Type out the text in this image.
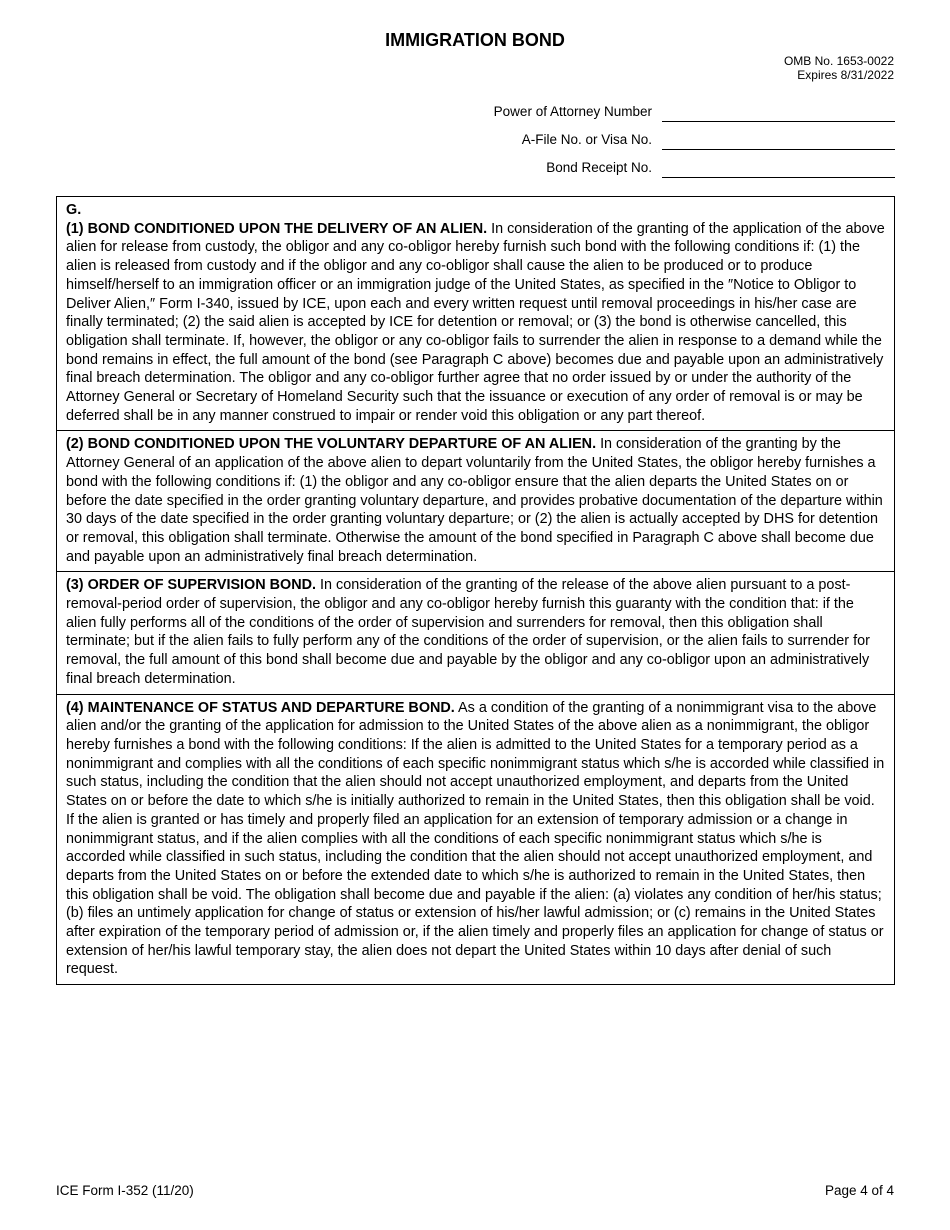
IMMIGRATION BOND
OMB No. 1653-0022
Expires 8/31/2022
Power of Attorney Number
A-File No. or Visa No.
Bond Receipt No.
G.
(1) BOND CONDITIONED UPON THE DELIVERY OF AN ALIEN. In consideration of the granting of the application of the above alien for release from custody, the obligor and any co-obligor hereby furnish such bond with the following conditions if: (1) the alien is released from custody and if the obligor and any co-obligor shall cause the alien to be produced or to produce himself/herself to an immigration officer or an immigration judge of the United States, as specified in the ″Notice to Obligor to Deliver Alien,″ Form I-340, issued by ICE, upon each and every written request until removal proceedings in his/her case are finally terminated; (2) the said alien is accepted by ICE for detention or removal; or (3) the bond is otherwise cancelled, this obligation shall terminate. If, however, the obligor or any co-obligor fails to surrender the alien in response to a demand while the bond remains in effect, the full amount of the bond (see Paragraph C above) becomes due and payable upon an administratively final breach determination. The obligor and any co-obligor further agree that no order issued by or under the authority of the Attorney General or Secretary of Homeland Security such that the issuance or execution of any order of removal is or may be deferred shall be in any manner construed to impair or render void this obligation or any part thereof.
(2) BOND CONDITIONED UPON THE VOLUNTARY DEPARTURE OF AN ALIEN. In consideration of the granting by the Attorney General of an application of the above alien to depart voluntarily from the United States, the obligor hereby furnishes a bond with the following conditions if: (1) the obligor and any co-obligor ensure that the alien departs the United States on or before the date specified in the order granting voluntary departure, and provides probative documentation of the departure within 30 days of the date specified in the order granting voluntary departure; or (2) the alien is actually accepted by DHS for detention or removal, this obligation shall terminate. Otherwise the amount of the bond specified in Paragraph C above shall become due and payable upon an administratively final breach determination.
(3) ORDER OF SUPERVISION BOND. In consideration of the granting of the release of the above alien pursuant to a post-removal-period order of supervision, the obligor and any co-obligor hereby furnish this guaranty with the condition that: if the alien fully performs all of the conditions of the order of supervision and surrenders for removal, then this obligation shall terminate; but if the alien fails to fully perform any of the conditions of the order of supervision, or the alien fails to surrender for removal, the full amount of this bond shall become due and payable by the obligor and any co-obligor upon an administratively final breach determination.
(4) MAINTENANCE OF STATUS AND DEPARTURE BOND. As a condition of the granting of a nonimmigrant visa to the above alien and/or the granting of the application for admission to the United States of the above alien as a nonimmigrant, the obligor hereby furnishes a bond with the following conditions: If the alien is admitted to the United States for a temporary period as a nonimmigrant and complies with all the conditions of each specific nonimmigrant status which s/he is accorded while classified in such status, including the condition that the alien should not accept unauthorized employment, and departs from the United States on or before the date to which s/he is initially authorized to remain in the United States, then this obligation shall be void. If the alien is granted or has timely and properly filed an application for an extension of temporary admission or a change in nonimmigrant status, and if the alien complies with all the conditions of each specific nonimmigrant status which s/he is accorded while classified in such status, including the condition that the alien should not accept unauthorized employment, and departs from the United States on or before the extended date to which s/he is authorized to remain in the United States, then this obligation shall be void. The obligation shall become due and payable if the alien: (a) violates any condition of her/his status; (b) files an untimely application for change of status or extension of his/her lawful admission; or (c) remains in the United States after expiration of the temporary period of admission or, if the alien timely and properly files an application for change of status or extension of her/his lawful temporary stay, the alien does not depart the United States within 10 days after denial of such request.
ICE Form I-352 (11/20)	Page 4 of 4
